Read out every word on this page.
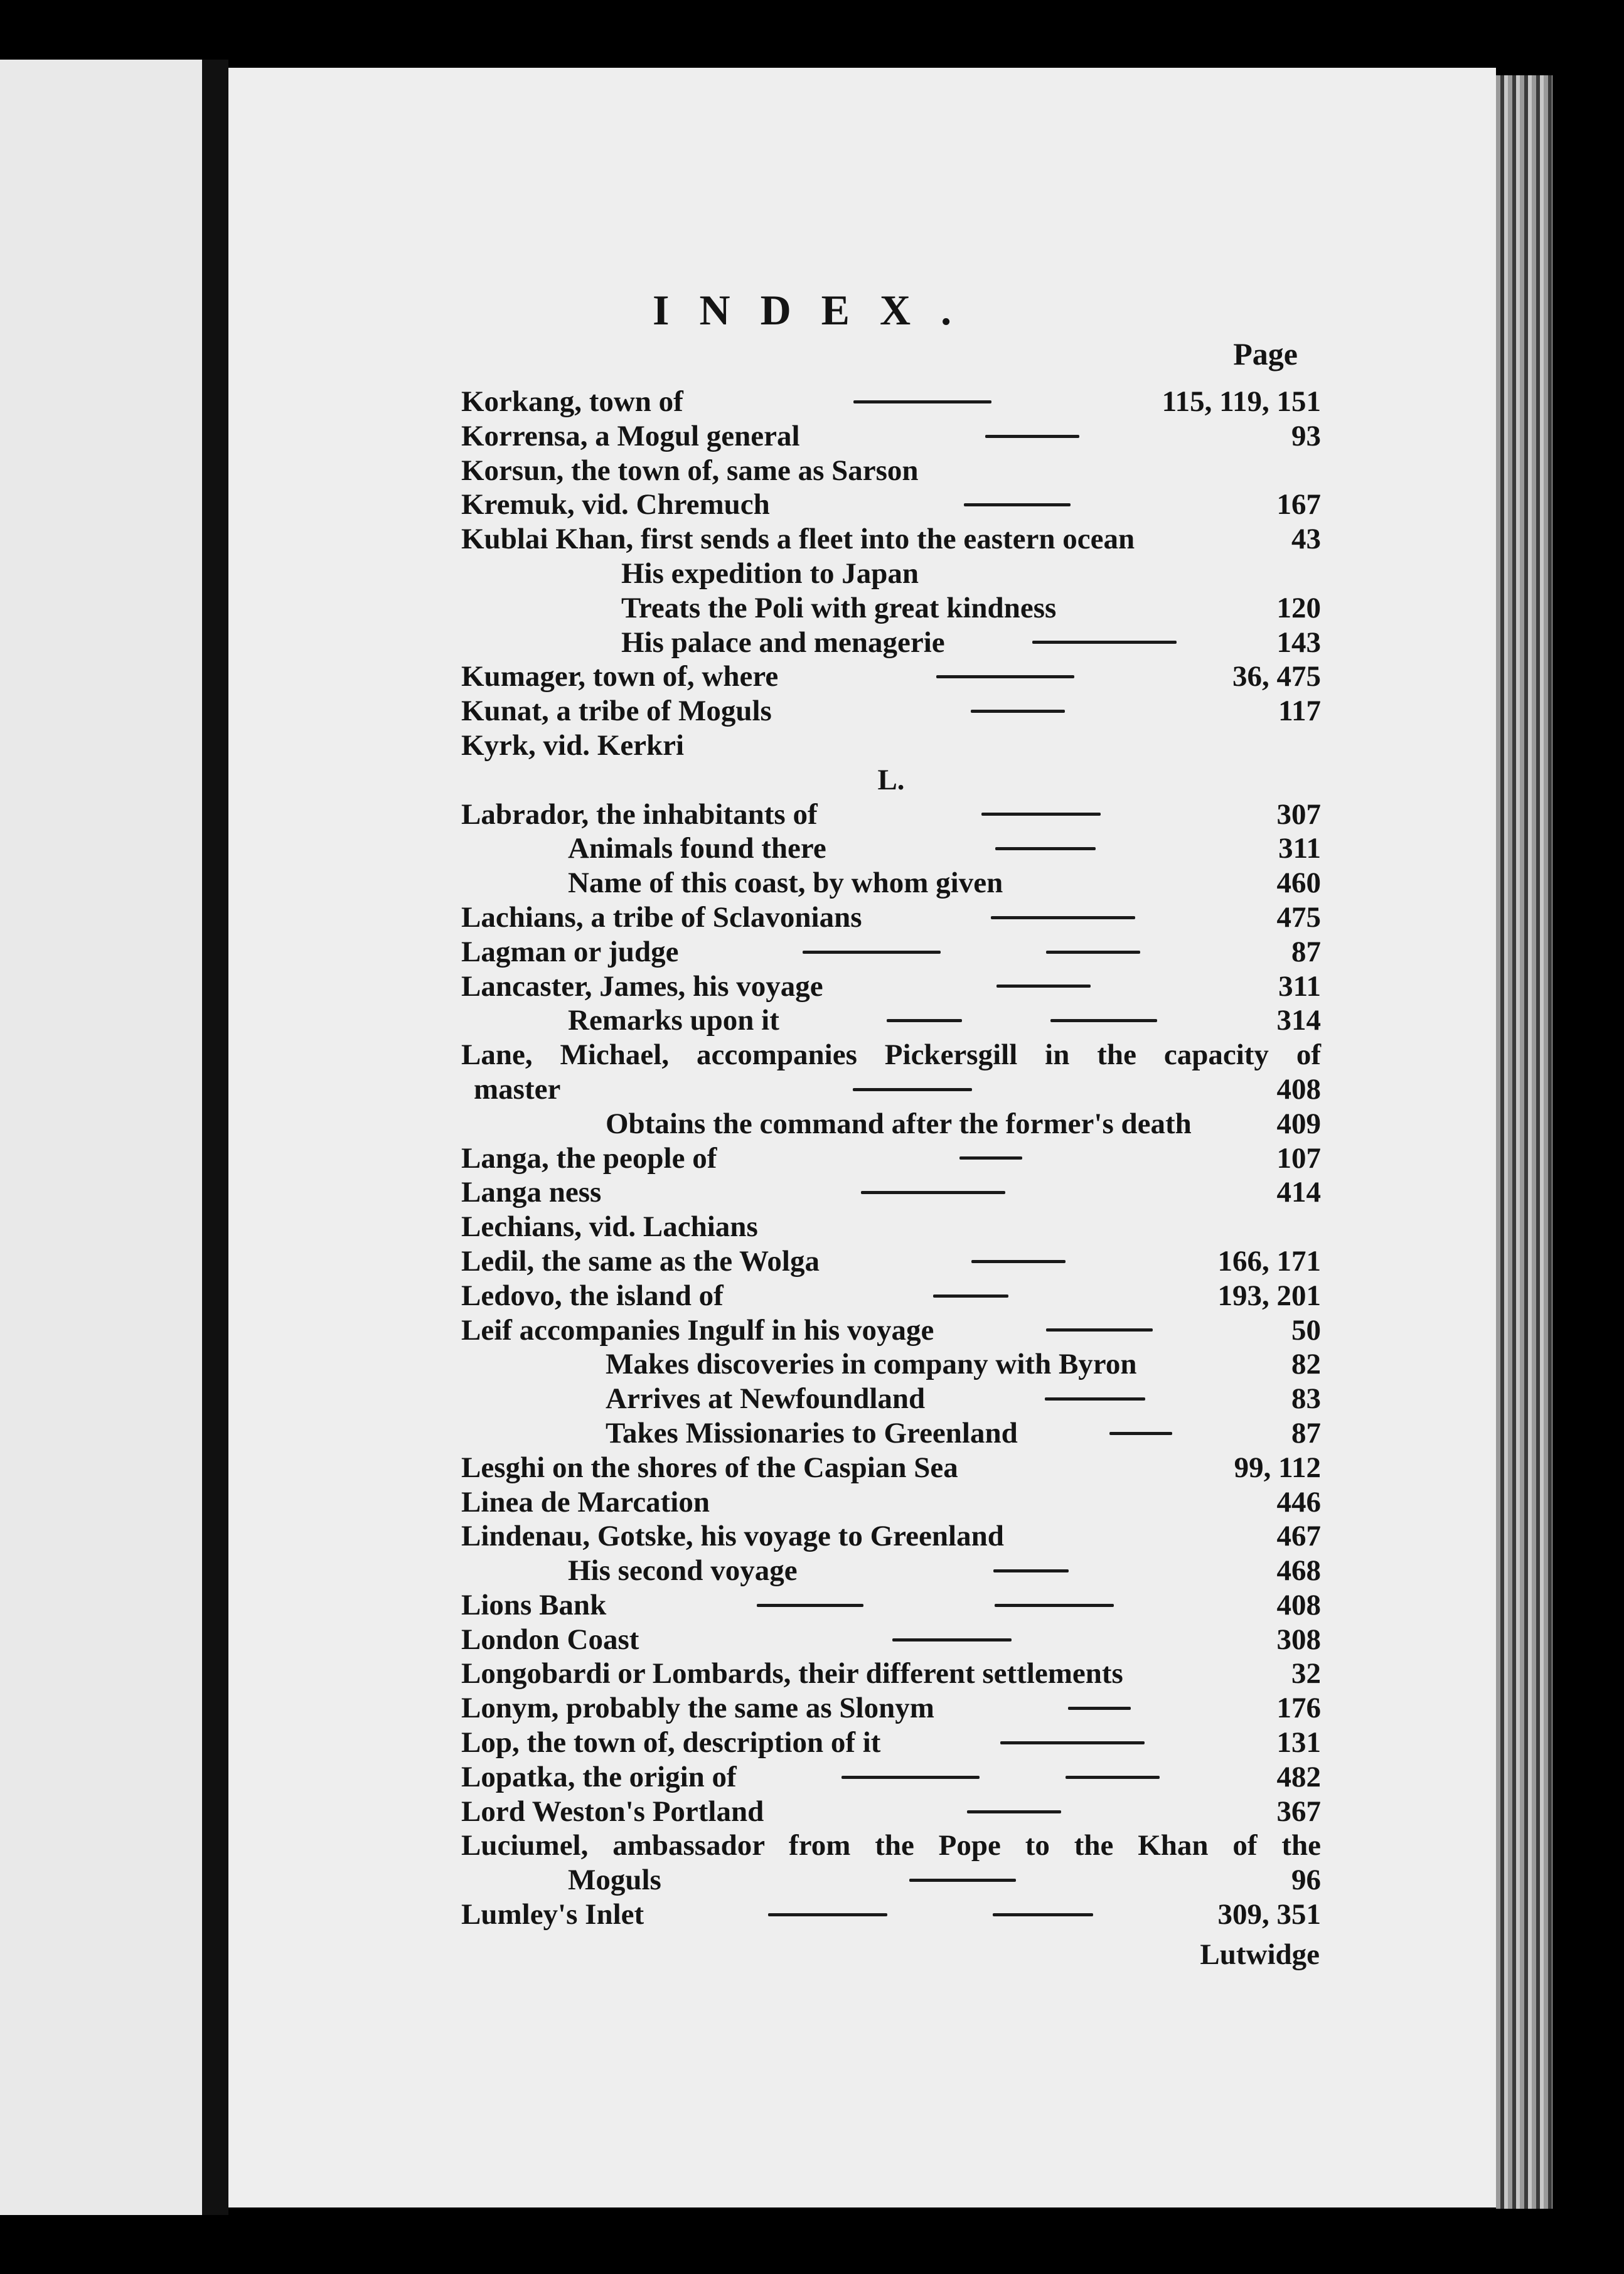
INDEX.
Page
Korkang, town of	115, 119, 151
Korrensa, a Mogul general	93
Korsun, the town of, same as Sarson
Kremuk, vid. Chremuch	167
Kublai Khan, first sends a fleet into the eastern ocean	43
His expedition to Japan
Treats the Poli with great kindness	120
His palace and menagerie	143
Kumager, town of, where	36, 475
Kunat, a tribe of Moguls	117
Kyrk, vid. Kerkri
L.
Labrador, the inhabitants of	307
Animals found there	311
Name of this coast, by whom given	460
Lachians, a tribe of Sclavonians	475
Lagman or judge	87
Lancaster, James, his voyage	311
Remarks upon it	314
Lane, Michael, accompanies Pickersgill in the capacity of
master	408
Obtains the command after the former's death	409
Langa, the people of	107
Langa ness	414
Lechians, vid. Lachians
Ledil, the same as the Wolga	166, 171
Ledovo, the island of	193, 201
Leif accompanies Ingulf in his voyage	50
Makes discoveries in company with Byron	82
Arrives at Newfoundland	83
Takes Missionaries to Greenland	87
Lesghi on the shores of the Caspian Sea	99, 112
Linea de Marcation	446
Lindenau, Gotske, his voyage to Greenland	467
His second voyage	468
Lions Bank	408
London Coast	308
Longobardi or Lombards, their different settlements	32
Lonym, probably the same as Slonym	176
Lop, the town of, description of it	131
Lopatka, the origin of	482
Lord Weston's Portland	367
Luciumel, ambassador from the Pope to the Khan of the
Moguls	96
Lumley's Inlet	309, 351
Lutwidge
